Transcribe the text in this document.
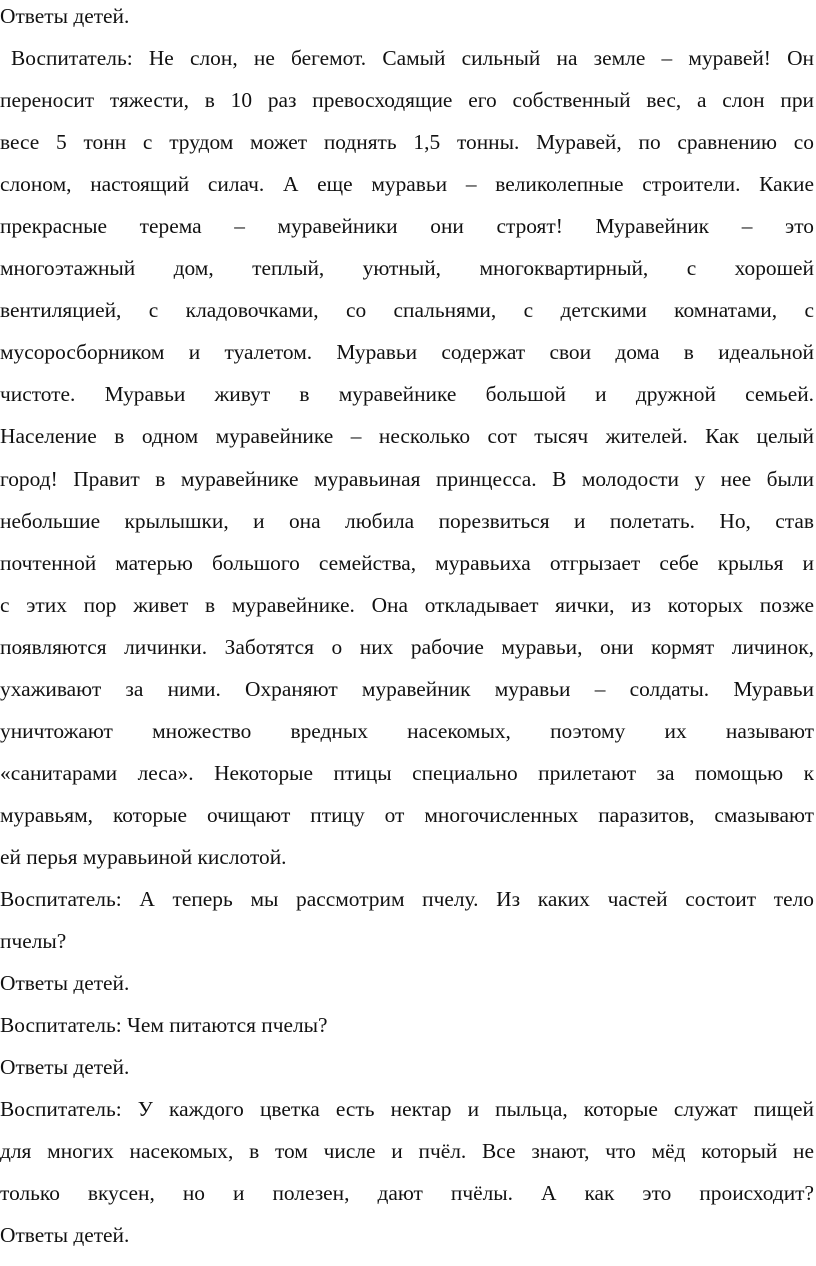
Ответы детей.
Воспитатель: Не слон, не бегемот. Самый сильный на земле – муравей! Он
переносит тяжести, в 10 раз превосходящие его собственный вес, а слон при
весе 5 тонн с трудом может поднять 1,5 тонны. Муравей, по сравнению со
слоном, настоящий силач. А еще муравьи – великолепные строители. Какие
прекрасные терема – муравейники они строят! Муравейник – это
многоэтажный дом, теплый, уютный, многоквартирный, с хорошей
вентиляцией, с кладовочками, со спальнями, с детскими комнатами, с
мусоросборником и туалетом. Муравьи содержат свои дома в идеальной
чистоте. Муравьи живут в муравейнике большой и дружной семьей.
Население в одном муравейнике – несколько сот тысяч жителей. Как целый
город! Правит в муравейнике муравьиная принцесса. В молодости у нее были
небольшие крылышки, и она любила порезвиться и полетать. Но, став
почтенной матерью большого семейства, муравьиха отгрызает себе крылья и
с этих пор живет в муравейнике. Она откладывает яички, из которых позже
появляются личинки. Заботятся о них рабочие муравьи, они кормят личинок,
ухаживают за ними. Охраняют муравейник муравьи – солдаты. Муравьи
уничтожают множество вредных насекомых, поэтому их называют
«санитарами леса». Некоторые птицы специально прилетают за помощью к
муравьям, которые очищают птицу от многочисленных паразитов, смазывают
ей перья муравьиной кислотой.
Воспитатель: А теперь мы рассмотрим пчелу. Из каких частей состоит тело
пчелы?
Ответы детей.
Воспитатель: Чем питаются пчелы?
Ответы детей.
Воспитатель: У каждого цветка есть нектар и пыльца, которые служат пищей
для многих насекомых, в том числе и пчёл. Все знают, что мёд который не
только вкусен, но и полезен, дают пчёлы. А как это происходит?
Ответы детей.
